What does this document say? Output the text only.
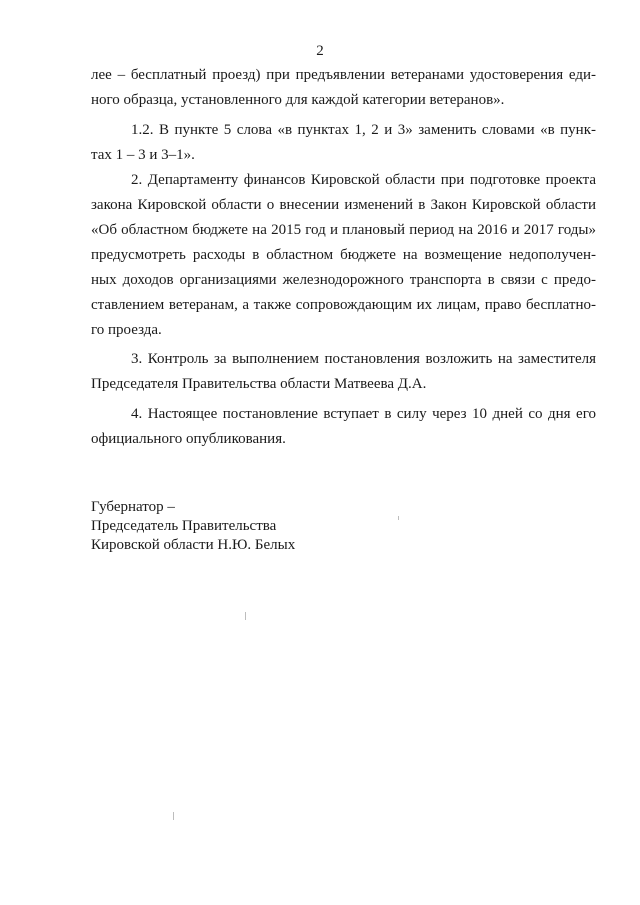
2
лее – бесплатный проезд) при предъявлении ветеранами удостоверения еди-
ного образца, установленного для каждой категории ветеранов».
1.2. В пункте 5 слова «в пунктах 1, 2 и 3» заменить словами «в пунк-
тах 1 – 3 и 3–1».
2. Департаменту финансов Кировской области при подготовке проекта
закона Кировской области о внесении изменений в Закон Кировской области
«Об областном бюджете на 2015 год и плановый период на 2016 и 2017 годы»
предусмотреть расходы в областном бюджете на возмещение недополучен-
ных доходов организациями железнодорожного транспорта в связи с предо-
ставлением ветеранам, а также сопровождающим их лицам, право бесплатно-
го проезда.
3. Контроль за выполнением постановления возложить на заместителя
Председателя Правительства области Матвеева Д.А.
4. Настоящее постановление вступает в силу через 10 дней со дня его
официального опубликования.
Губернатор –
Председатель Правительства
Кировской области Н.Ю. Белых
